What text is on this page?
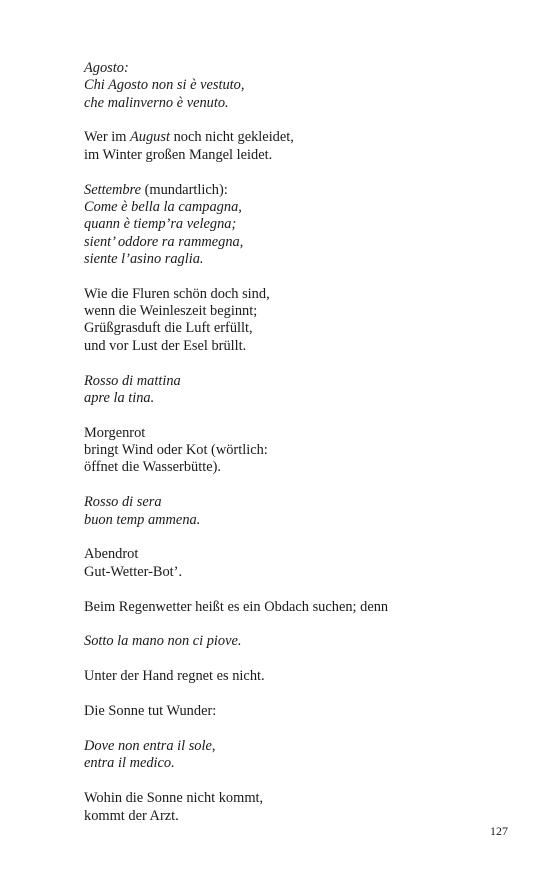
Agosto:
Chi Agosto non si è vestuto,
che malinverno è venuto.
Wer im August noch nicht gekleidet,
im Winter großen Mangel leidet.
Settembre (mundartlich):
Come è bella la campagna,
quann è tiemp’ra velegna;
sient’ oddore ra rammegna,
siente l’asino raglia.
Wie die Fluren schön doch sind,
wenn die Weinleszeit beginnt;
Grüßgrasduft die Luft erfüllt,
und vor Lust der Esel brüllt.
Rosso di mattina
apre la tina.
Morgenrot
bringt Wind oder Kot (wörtlich:
öffnet die Wasserbütte).
Rosso di sera
buon temp ammena.
Abendrot
Gut-Wetter-Bot’.
Beim Regenwetter heißt es ein Obdach suchen; denn
Sotto la mano non ci piove.
Unter der Hand regnet es nicht.
Die Sonne tut Wunder:
Dove non entra il sole,
entra il medico.
Wohin die Sonne nicht kommt,
kommt der Arzt.
127
